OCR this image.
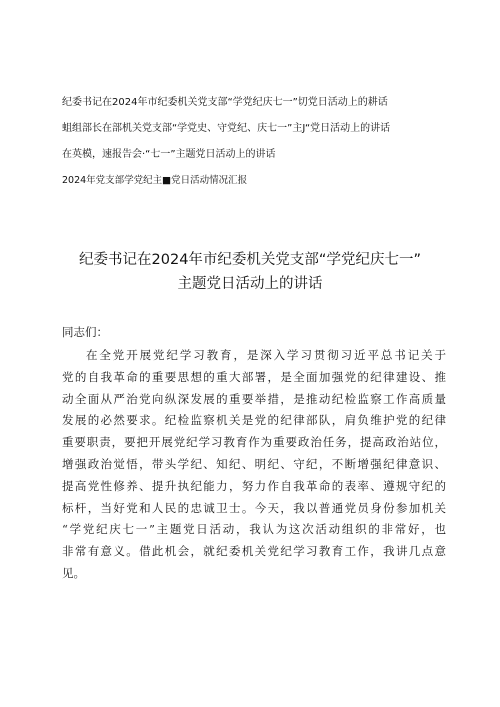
纪委书记在2024年市纪委机关党支部“学党纪庆七一”切党日活动上的耕话
蛆组部长在部机关党支部“学党史、守党纪、庆七一”主J“党日活动上的讲话
在英模，速报告会·“七一”主题党日活动上的讲话
2024年党支部学党纪主■党日活动情况汇报
纪委书记在2024年市纪委机关党支部“学党纪庆七一”
主题党日活动上的讲话
同志们：
在全党开展党纪学习教育，是深入学习贯彻习近平总书记关于
党的自我革命的重要思想的重大部署，是全面加强党的纪律建设、推
动全面从严治党向纵深发展的重要举措，是推动纪检监察工作高质量
发展的必然要求。纪检监察机关是党的纪律部队，肩负维护党的纪律
重要职责，要把开展党纪学习教育作为重要政治任务，提高政治站位，
增强政治觉悟，带头学纪、知纪、明纪、守纪，不断增强纪律意识、
提高党性修养、提升执纪能力，努力作自我革命的表率、遵规守纪的
标杆，当好党和人民的忠诚卫士。今天，我以普通党员身份参加机关
“学党纪庆七一”主题党日活动，我认为这次活动组织的非常好，也
非常有意义。借此机会，就纪委机关党纪学习教育工作，我讲几点意
见。
